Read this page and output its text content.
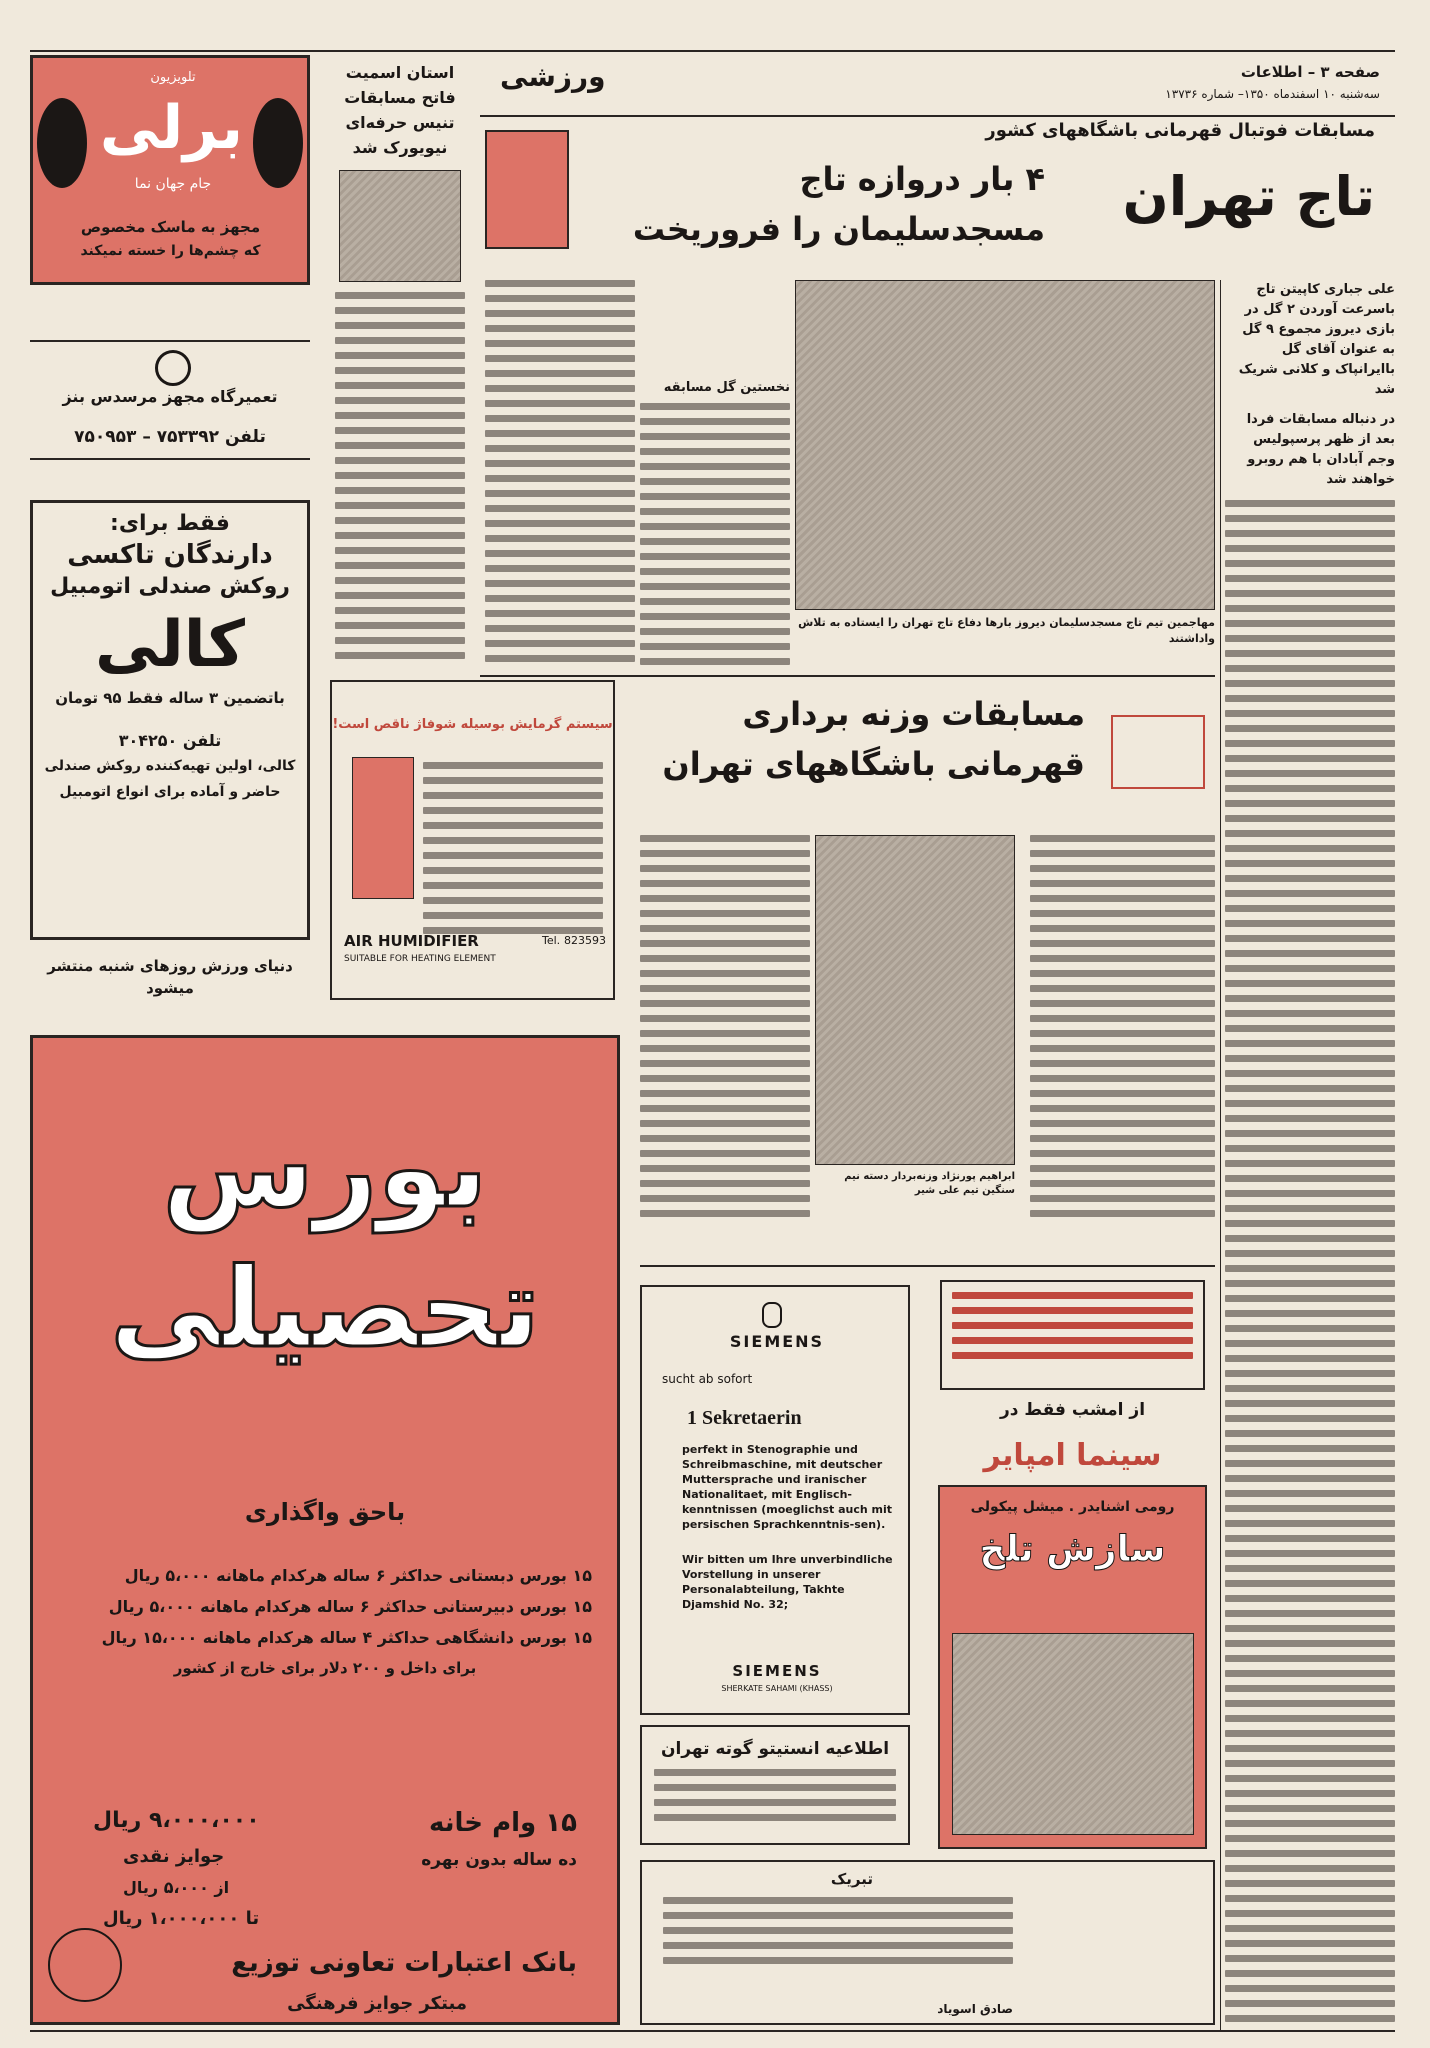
صفحه ۳ – اطلاعات
سه‌شنبه ۱۰ اسفندماه ۱۳۵۰– شماره ۱۳۷۳۶
ورزشی
تلویزیون
برلی
جام جهان نما
مجهز به ماسک مخصوص
که چشم‌ها را خسته نمیکند
استان اسمیت فاتح مسابقات تنیس حرفه‌ای نیویورک شد
مسابقات فوتبال قهرمانی باشگاههای کشور
تاج تهران
۴ بار دروازه تاج
مسجدسلیمان را فروریخت
علی جباری کاپیتن تاج باسرعت آوردن ۲ گل در بازی دیروز مجموع ۹ گل به عنوان آقای گل باایرانپاک و کلانی شریک شد
در دنباله مسابقات فردا بعد از ظهر پرسپولیس وجم آبادان با هم روبرو خواهند شد
مهاجمین تیم تاج مسجدسلیمان دیروز بارها دفاع تاج تهران را ایستاده به تلاش واداشتند
نخستین گل مسابقه
تعمیرگاه مجهز مرسدس بنز
تلفن ۷۵۳۳۹۲ – ۷۵۰۹۵۳
فقط برای:
دارندگان تاکسی
روکش صندلی اتومبیل
کالی
باتضمین ۳ ساله فقط ۹۵ تومان
تلفن ۳۰۴۲۵۰
کالی، اولین تهیه‌کننده روکش صندلی
حاضر و آماده برای انواع اتومبیل
دنیای ورزش روزهای شنبه منتشر میشود
سیستم گرمایش بوسیله شوفاژ ناقص است!
AIR HUMIDIFIER
SUITABLE FOR HEATING ELEMENT
Tel. 823593
مسابقات وزنه برداری
قهرمانی باشگاههای تهران
ابراهیم پورنژاد وزنه‌بردار دسته نیم سنگین تیم علی شیر
بورس تحصیلی
باحق واگذاری
۱۵ بورس دبستانی حداکثر ۶ ساله هرکدام ماهانه ۵،۰۰۰ ریال
۱۵ بورس دبیرستانی حداکثر ۶ ساله هرکدام ماهانه ۵،۰۰۰ ریال
۱۵ بورس دانشگاهی حداکثر ۴ ساله هرکدام ماهانه ۱۵،۰۰۰ ریال
برای داخل و ۲۰۰ دلار برای خارج از کشور
۱۵ وام خانه
ده ساله بدون بهره
۹،۰۰۰،۰۰۰ ریال
جوایز نقدی
از ۵،۰۰۰ ریال
تا ۱،۰۰۰،۰۰۰ ریال
بانک اعتبارات تعاونی توزیع
مبتکر جوایز فرهنگی
SIEMENS
sucht ab sofort
1 Sekretaerin
perfekt in Stenographie und Schreibmaschine, mit deutscher Muttersprache und iranischer Nationalitaet, mit Englisch-kenntnissen (moeglichst auch mit persischen Sprachkenntnis-sen).
Wir bitten um Ihre unverbindliche Vorstellung in unserer Personalabteilung, Takhte Djamshid No. 32;
SIEMENS
SHERKATE SAHAMI (KHASS)
اطلاعیه انستیتو گوته تهران
از امشب فقط در
سینما امپایر
رومی اشنایدر . میشل پیکولی
سازش تلخ
تبریک
صادق اسویاد
